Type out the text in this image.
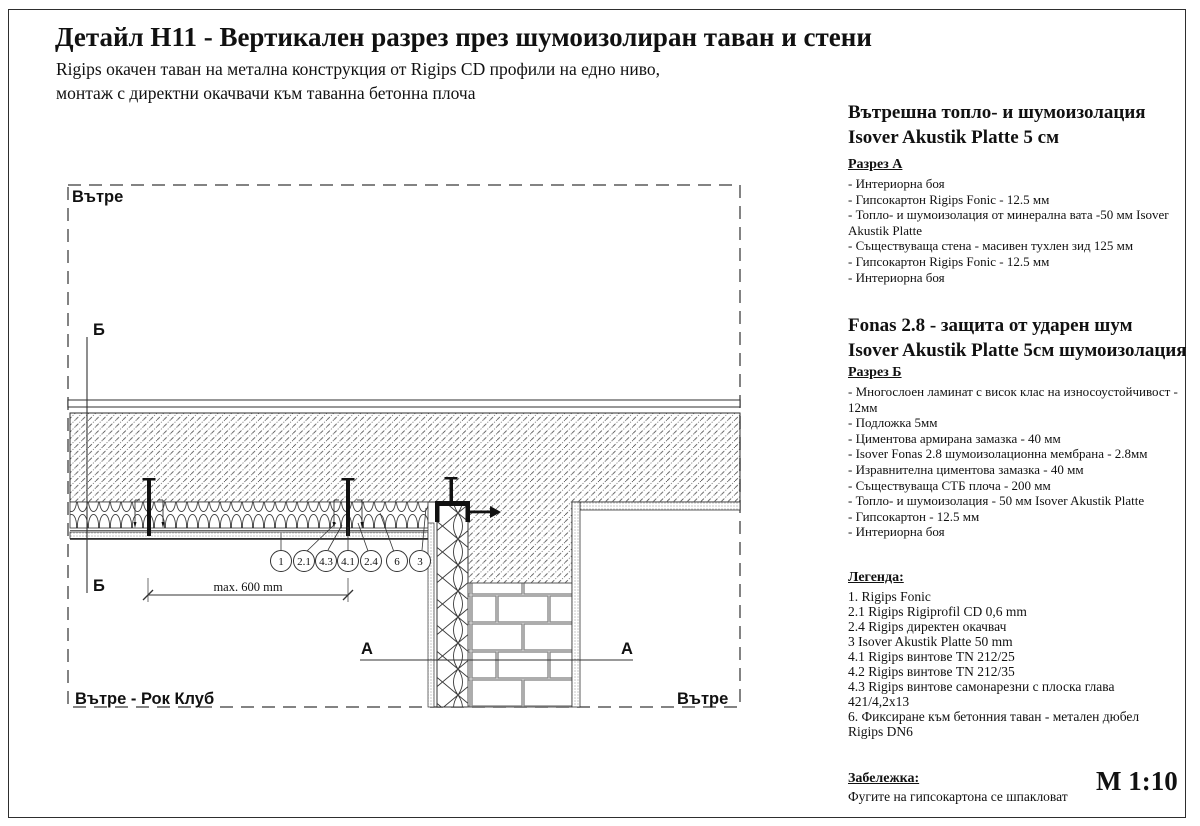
Детайл Н11 - Вертикален разрез през шумоизолиран таван и стени
Rigips окачен таван на метална конструкция от Rigips CD профили на едно ниво,
монтаж с директни окачвачи към таванна бетонна плоча
max. 600 mm
1 2.1 4.3 4.1 2.4 6 3
Вътре
Б
Б
А	А
Вътре - Рок Клуб	Вътре
Вътрешна топло- и шумоизолация
Isover Akustik Platte 5 см
Разрез А
- Интериорна боя
- Гипсокартон Rigips Fonic - 12.5 мм
- Топло- и шумоизолация от минерална вата -50 мм Isover Akustik Platte
- Съществуваща стена - масивен тухлен зид 125 мм
- Гипсокартон Rigips Fonic - 12.5 мм
- Интериорна боя
Fonas 2.8 - защита от ударен шум
Isover Akustik Platte 5см шумоизолация
Разрез Б
- Многослоен ламинат с висок клас на износоустойчивост - 12мм
- Подложка 5мм
- Циментова армирана замазка - 40 мм
- Isover Fonas 2.8 шумоизолационна мембрана - 2.8мм
- Изравнителна циментова замазка - 40 мм
- Съществуваща СТБ плоча - 200 мм
- Топло- и шумоизолация - 50 мм Isover Akustik Platte
- Гипсокартон - 12.5 мм
- Интериорна боя
Легенда:
1. Rigips Fonic
2.1 Rigips Rigiprofil CD 0,6 mm
2.4 Rigips директен окачвач
3 Isover Akustik Platte 50 mm
4.1 Rigips винтове TN 212/25
4.2 Rigips винтове TN 212/35
4.3 Rigips винтове самонарезни с плоска глава 421/4,2x13
6. Фиксиране към бетонния таван - метален дюбел Rigips DN6
Забележка:
Фугите на гипсокартона се шпакловат
М 1:10
